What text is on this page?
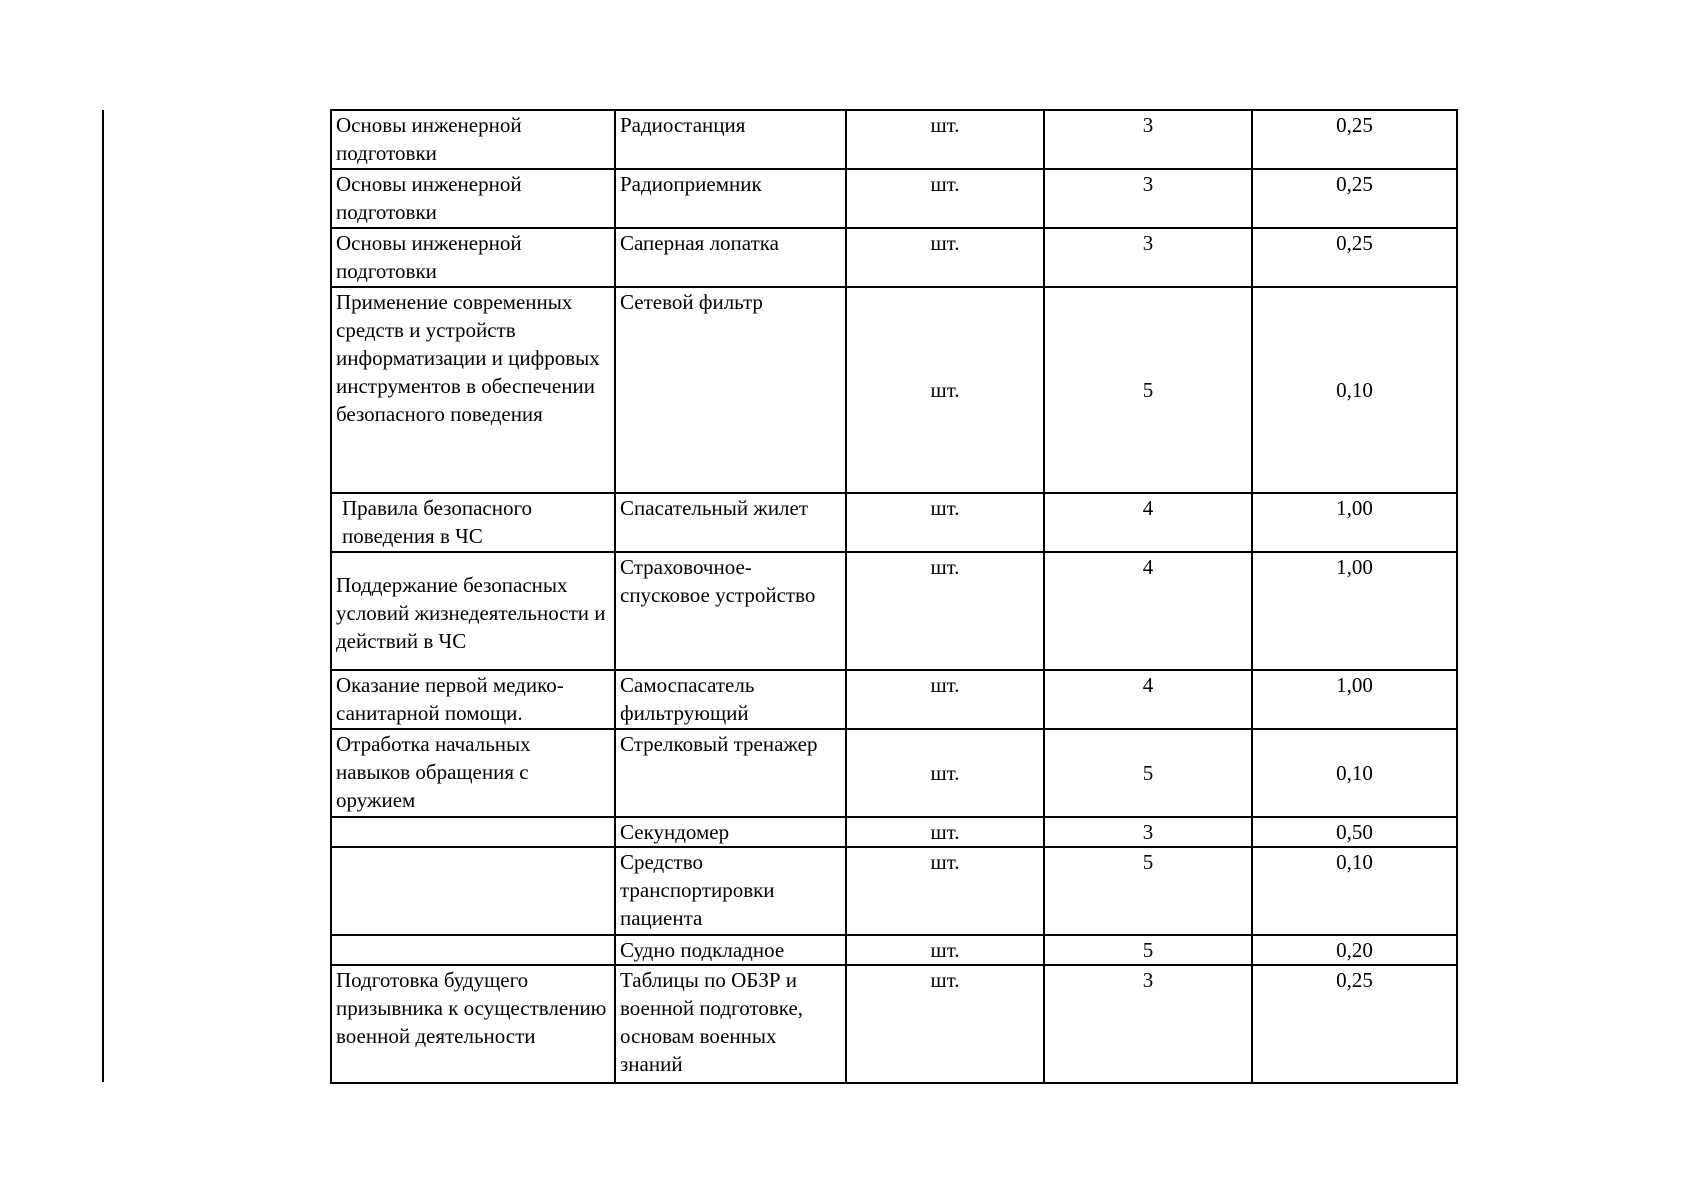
Основы инженерной подготовки	Радиостанция	шт.	3	0,25
Основы инженерной подготовки	Радиоприемник	шт.	3	0,25
Основы инженерной подготовки	Саперная лопатка	шт.	3	0,25
Применение современных средств и устройств информатизации и цифровых инструментов в обеспечении безопасного поведения	Сетевой фильтр	шт.	5	0,10
Правила безопасного поведения в ЧС	Спасательный жилет	шт.	4	1,00
Поддержание безопасных условий жизнедеятельности и действий в ЧС	Страховочное-спусковое устройство	шт.	4	1,00
Оказание первой медико-санитарной помощи.	Самоспасатель фильтрующий	шт.	4	1,00
Отработка начальных навыков обращения с оружием	Стрелковый тренажер	шт.	5	0,10
	Секундомер	шт.	3	0,50
	Средство транспортировки пациента	шт.	5	0,10
	Судно подкладное	шт.	5	0,20
Подготовка будущего призывника к осуществлению военной деятельности	Таблицы по ОБЗР и военной подготовке, основам военных знаний	шт.	3	0,25
